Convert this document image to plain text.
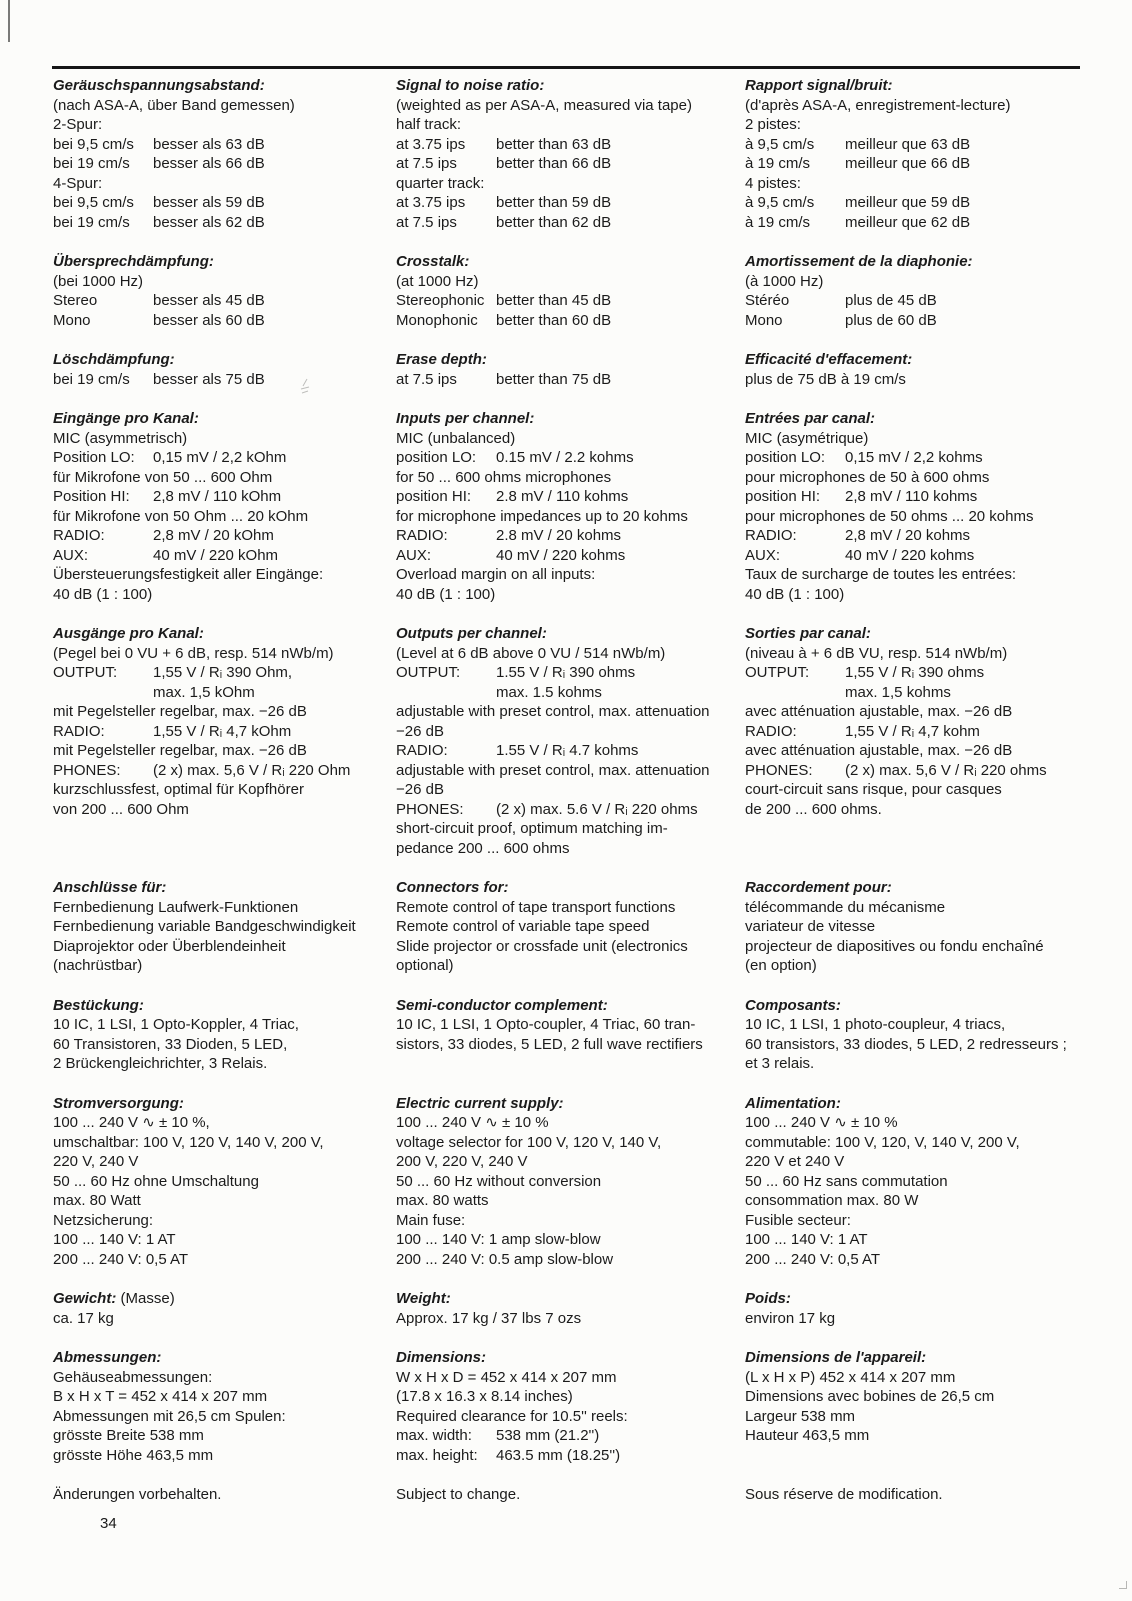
Geräuschspannungsabstand:
(nach ASA-A, über Band gemessen)
2-Spur:
bei 9,5 cm/s	besser als 63 dB
bei 19 cm/s	besser als 66 dB
4-Spur:
bei 9,5 cm/s	besser als 59 dB
bei 19 cm/s	besser als 62 dB
Übersprechdämpfung:
(bei 1000 Hz)
Stereo	besser als 45 dB
Mono	besser als 60 dB
Löschdämpfung:
bei 19 cm/s	besser als 75 dB
Eingänge pro Kanal:
MIC (asymmetrisch)
Position LO:	0,15 mV / 2,2 kOhm
für Mikrofone von 50 ... 600 Ohm
Position HI:	2,8 mV / 110 kOhm
für Mikrofone von 50 Ohm ... 20 kOhm
RADIO:	2,8 mV / 20 kOhm
AUX:	40 mV / 220 kOhm
Übersteuerungsfestigkeit aller Eingänge:
40 dB (1 : 100)
Ausgänge pro Kanal:
(Pegel bei 0 VU + 6 dB, resp. 514 nWb/m)
OUTPUT:	1,55 V / Rᵢ 390 Ohm,
max. 1,5 kOhm
mit Pegelsteller regelbar, max. −26 dB
RADIO:	1,55 V / Rᵢ 4,7 kOhm
mit Pegelsteller regelbar, max. −26 dB
PHONES:	(2 x) max. 5,6 V / Rᵢ 220 Ohm
kurzschlussfest, optimal für Kopfhörer
von 200 ... 600 Ohm
Anschlüsse für:
Fernbedienung Laufwerk-Funktionen
Fernbedienung variable Bandgeschwindigkeit
Diaprojektor oder Überblendeinheit
(nachrüstbar)
Bestückung:
10 IC, 1 LSI, 1 Opto-Koppler, 4 Triac,
60 Transistoren, 33 Dioden, 5 LED,
2 Brückengleichrichter, 3 Relais.
Stromversorgung:
100 ... 240 V ∿ ± 10 %,
umschaltbar: 100 V, 120 V, 140 V, 200 V,
220 V, 240 V
50 ... 60 Hz ohne Umschaltung
max. 80 Watt
Netzsicherung:
100 ... 140 V: 1 AT
200 ... 240 V: 0,5 AT
Gewicht: (Masse)
ca. 17 kg
Abmessungen:
Gehäuseabmessungen:
B x H x T = 452 x 414 x 207 mm
Abmessungen mit 26,5 cm Spulen:
grösste Breite 538 mm
grösste Höhe 463,5 mm
Änderungen vorbehalten.
34
Signal to noise ratio:
(weighted as per ASA-A, measured via tape)
half track:
at 3.75 ips	better than 63 dB
at 7.5 ips	better than 66 dB
quarter track:
at 3.75 ips	better than 59 dB
at 7.5 ips	better than 62 dB
Crosstalk:
(at 1000 Hz)
Stereophonic better than 45 dB
Monophonic	better than 60 dB
Erase depth:
at 7.5 ips	better than 75 dB
Inputs per channel:
MIC (unbalanced)
position LO:	0.15 mV / 2.2 kohms
for 50 ... 600 ohms microphones
position HI:	2.8 mV / 110 kohms
for microphone impedances up to 20 kohms
RADIO:	2.8 mV / 20 kohms
AUX:	40 mV / 220 kohms
Overload margin on all inputs:
40 dB (1 : 100)
Outputs per channel:
(Level at 6 dB above 0 VU / 514 nWb/m)
OUTPUT:	1.55 V / Rᵢ 390 ohms
max. 1.5 kohms
adjustable with preset control, max. attenuation
−26 dB
RADIO:	1.55 V / Rᵢ 4.7 kohms
adjustable with preset control, max. attenuation
−26 dB
PHONES:	(2 x) max. 5.6 V / Rᵢ 220 ohms
short-circuit proof, optimum matching im-
pedance 200 ... 600 ohms
Connectors for:
Remote control of tape transport functions
Remote control of variable tape speed
Slide projector or crossfade unit (electronics
optional)
Semi-conductor complement:
10 IC, 1 LSI, 1 Opto-coupler, 4 Triac, 60 tran-
sistors, 33 diodes, 5 LED, 2 full wave rectifiers
Electric current supply:
100 ... 240 V ∿ ± 10 %
voltage selector for 100 V, 120 V, 140 V,
200 V, 220 V, 240 V
50 ... 60 Hz without conversion
max. 80 watts
Main fuse:
100 ... 140 V: 1 amp slow-blow
200 ... 240 V: 0.5 amp slow-blow
Weight:
Approx. 17 kg / 37 lbs 7 ozs
Dimensions:
W x H x D = 452 x 414 x 207 mm
(17.8 x 16.3 x 8.14 inches)
Required clearance for 10.5'' reels:
max. width:	538 mm (21.2'')
max. height:	463.5 mm (18.25'')
Subject to change.
Rapport signal/bruit:
(d'après ASA-A, enregistrement-lecture)
2 pistes:
à 9,5 cm/s	meilleur que 63 dB
à 19 cm/s	meilleur que 66 dB
4 pistes:
à 9,5 cm/s	meilleur que 59 dB
à 19 cm/s	meilleur que 62 dB
Amortissement de la diaphonie:
(à 1000 Hz)
Stéréo	plus de 45 dB
Mono	plus de 60 dB
Efficacité d'effacement:
plus de 75 dB à 19 cm/s
Entrées par canal:
MIC (asymétrique)
position LO:	0,15 mV / 2,2 kohms
pour microphones de 50 à 600 ohms
position HI:	2,8 mV / 110 kohms
pour microphones de 50 ohms ... 20 kohms
RADIO:	2,8 mV / 20 kohms
AUX:	40 mV / 220 kohms
Taux de surcharge de toutes les entrées:
40 dB (1 : 100)
Sorties par canal:
(niveau à + 6 dB VU, resp. 514 nWb/m)
OUTPUT:	1,55 V / Rᵢ 390 ohms
max. 1,5 kohms
avec atténuation ajustable, max. −26 dB
RADIO:	1,55 V / Rᵢ 4,7 kohm
avec atténuation ajustable, max. −26 dB
PHONES:	(2 x) max. 5,6 V / Rᵢ 220 ohms
court-circuit sans risque, pour casques
de 200 ... 600 ohms.
Raccordement pour:
télécommande du mécanisme
variateur de vitesse
projecteur de diapositives ou fondu enchaîné
(en option)
Composants:
10 IC, 1 LSI, 1 photo-coupleur, 4 triacs,
60 transistors, 33 diodes, 5 LED, 2 redresseurs ;
et 3 relais.
Alimentation:
100 ... 240 V ∿ ± 10 %
commutable: 100 V, 120, V, 140 V, 200 V,
220 V et 240 V
50 ... 60 Hz sans commutation
consommation max. 80 W
Fusible secteur:
100 ... 140 V: 1 AT
200 ... 240 V: 0,5 AT
Poids:
environ 17 kg
Dimensions de l'appareil:
(L x H x P) 452 x 414 x 207 mm
Dimensions avec bobines de 26,5 cm
Largeur 538 mm
Hauteur 463,5 mm
Sous réserve de modification.
